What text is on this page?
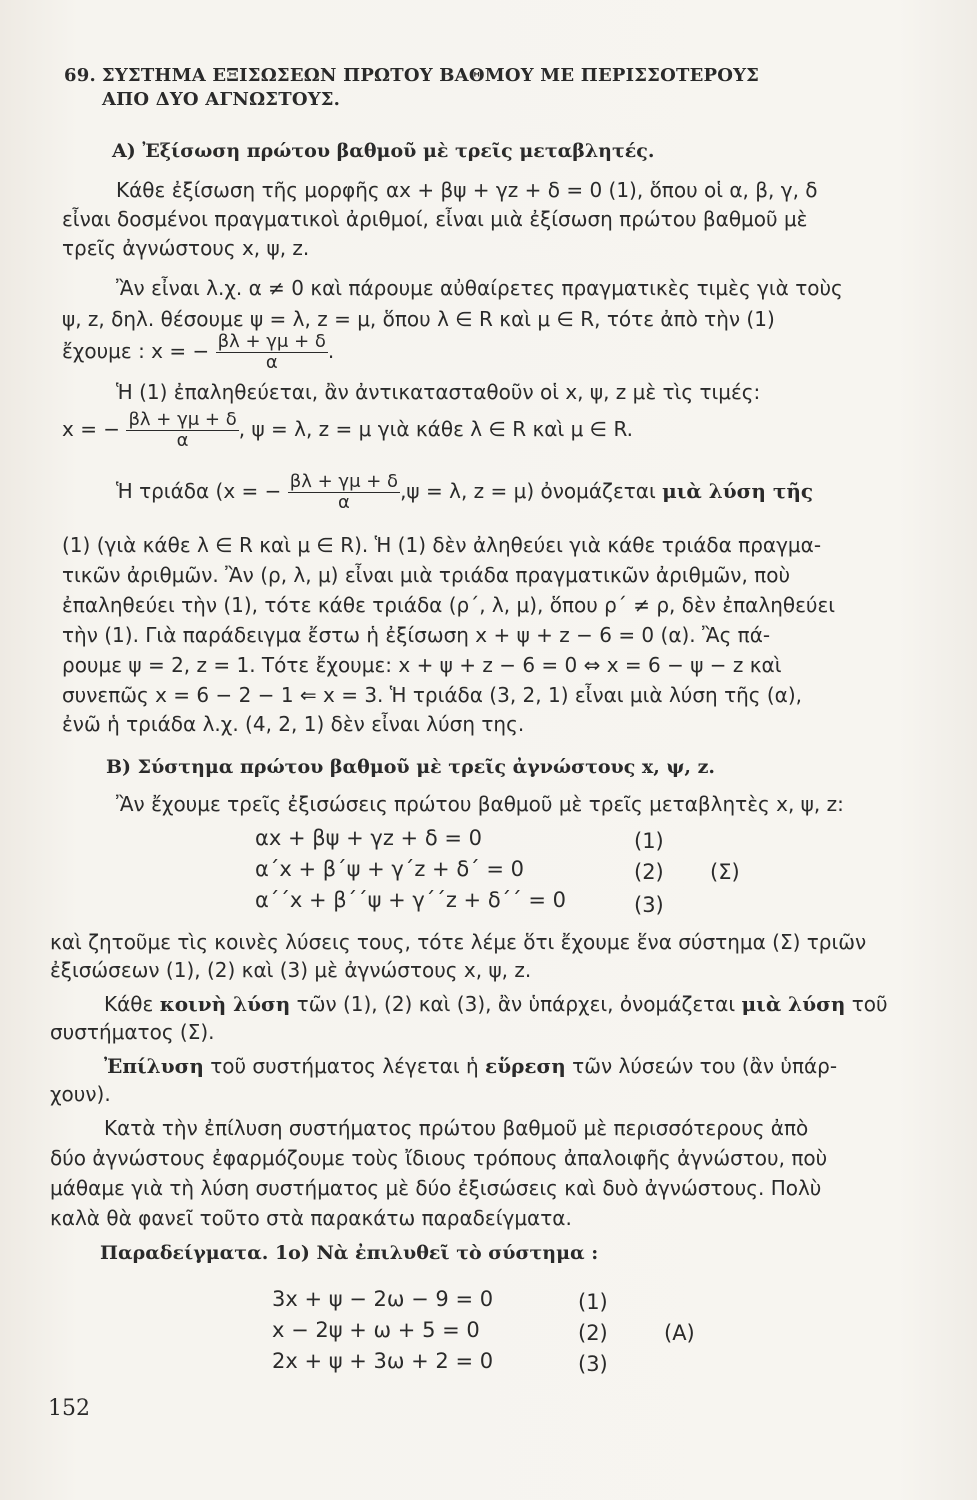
69. ΣΥΣΤΗΜΑ ΕΞΙΣΩΣΕΩΝ ΠΡΩΤΟΥ ΒΑΘΜΟΥ ΜΕ ΠΕΡΙΣΣΟΤΕΡΟΥΣ
ΑΠΟ ΔΥΟ ΑΓΝΩΣΤΟΥΣ.
Α) Ἐξίσωση πρώτου βαθμοῦ μὲ τρεῖς μεταβλητές.
Κάθε ἐξίσωση τῆς μορφῆς αx + βψ + γz + δ = 0 (1), ὅπου οἱ α, β, γ, δ
εἶναι δοσμένοι πραγματικοὶ ἀριθμοί, εἶναι μιὰ ἐξίσωση πρώτου βαθμοῦ μὲ
τρεῖς ἀγνώστους x, ψ, z.
Ἂν εἶναι λ.χ. α ≠ 0 καὶ πάρουμε αὐθαίρετες πραγματικὲς τιμὲς γιὰ τοὺς
ψ, z, δηλ. θέσουμε ψ = λ, z = μ, ὅπου λ ∈ R καὶ μ ∈ R, τότε ἀπὸ τὴν (1)
ἔχουμε : x = − $\frac{\beta\lambda + \gamma\mu + \delta}{\alpha}$ .
Ἡ (1) ἐπαληθεύεται, ἂν ἀντικατασταθοῦν οἱ x, ψ, z μὲ τὶς τιμές:
x = − $\frac{\beta\lambda + \gamma\mu + \delta}{\alpha}$ , ψ = λ, z = μ γιὰ κάθε λ ∈ R καὶ μ ∈ R.
Ἡ τριάδα (x = − $\frac{\beta\lambda + \gamma\mu + \delta}{\alpha} ,\psi = \lambda$, z = μ) ὀνομάζεται μιὰ λύση τῆς
(1) (γιὰ κάθε λ ∈ R καὶ μ ∈ R). Ἡ (1) δὲν ἀληθεύει γιὰ κάθε τριάδα πραγμα-
τικῶν ἀριθμῶν. Ἂν (ρ, λ, μ) εἶναι μιὰ τριάδα πραγματικῶν ἀριθμῶν, ποὺ
ἐπαληθεύει τὴν (1), τότε κάθε τριάδα (ρ΄, λ, μ), ὅπου ρ΄ ≠ ρ, δὲν ἐπαληθεύει
τὴν (1). Γιὰ παράδειγμα ἔστω ἡ ἐξίσωση x + ψ + z − 6 = 0 (α). Ἂς πά-
ρουμε ψ = 2, z = 1. Τότε ἔχουμε: x + ψ + z − 6 = 0 ⇔ x = 6 − ψ − z καὶ
συνεπῶς x = 6 − 2 − 1 ⇐ x = 3. Ἡ τριάδα (3, 2, 1) εἶναι μιὰ λύση τῆς (α),
ἐνῶ ἡ τριάδα λ.χ. (4, 2, 1) δὲν εἶναι λύση της.
Β) Σύστημα πρώτου βαθμοῦ μὲ τρεῖς ἀγνώστους x, ψ, z.
Ἂν ἔχουμε τρεῖς ἐξισώσεις πρώτου βαθμοῦ μὲ τρεῖς μεταβλητὲς x, ψ, z:
αx + βψ + γz + δ = 0
α΄x + β΄ψ + γ΄z + δ΄ = 0
α΄΄x + β΄΄ψ + γ΄΄z + δ΄΄ = 0
(1)
(2)
(3)
(Σ)
καὶ ζητοῦμε τὶς κοινὲς λύσεις τους, τότε λέμε ὅτι ἔχουμε ἕνα σύστημα (Σ) τριῶν
ἐξισώσεων (1), (2) καὶ (3) μὲ ἀγνώστους x, ψ, z.
Κάθε κοινὴ λύση τῶν (1), (2) καὶ (3), ἂν ὑπάρχει, ὀνομάζεται μιὰ λύση τοῦ
συστήματος (Σ).
Ἐπίλυση τοῦ συστήματος λέγεται ἡ εὕρεση τῶν λύσεών του (ἂν ὑπάρ-
χουν).
Κατὰ τὴν ἐπίλυση συστήματος πρώτου βαθμοῦ μὲ περισσότερους ἀπὸ
δύο ἀγνώστους ἐφαρμόζουμε τοὺς ἴδιους τρόπους ἀπαλοιφῆς ἀγνώστου, ποὺ
μάθαμε γιὰ τὴ λύση συστήματος μὲ δύο ἐξισώσεις καὶ δυὸ ἀγνώστους. Πολὺ
καλὰ θὰ φανεῖ τοῦτο στὰ παρακάτω παραδείγματα.
Παραδείγματα. 1ο) Νὰ ἐπιλυθεῖ τὸ σύστημα :
3x + ψ − 2ω − 9 = 0
x − 2ψ + ω + 5 = 0
2x + ψ + 3ω + 2 = 0
(1)
(2)
(3)
(A)
152
